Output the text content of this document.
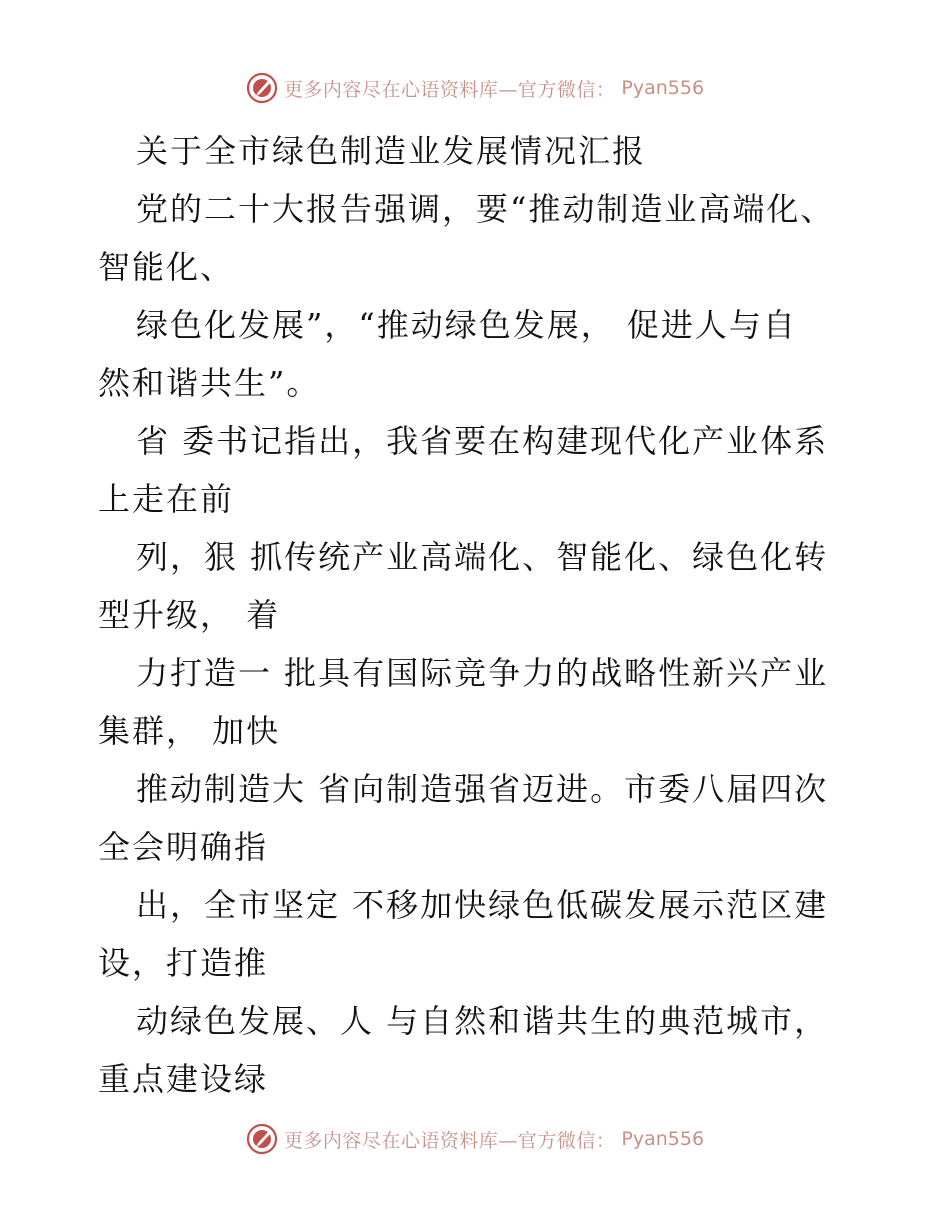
更多内容尽在心语资料库—官方微信： Pyan556
关于全市绿色制造业发展情况汇报
党的二十大报告强调，要“推动制造业高端化、
智能化、
绿色化发展”，“推动绿色发展， 促进人与自
然和谐共生”。
省 委书记指出，我省要在构建现代化产业体系
上走在前
列，狠 抓传统产业高端化、智能化、绿色化转
型升级， 着
力打造一 批具有国际竞争力的战略性新兴产业
集群， 加快
推动制造大 省向制造强省迈进。市委八届四次
全会明确指
出，全市坚定 不移加快绿色低碳发展示范区建
设，打造推
动绿色发展、人 与自然和谐共生的典范城市，
重点建设绿
更多内容尽在心语资料库—官方微信： Pyan556
